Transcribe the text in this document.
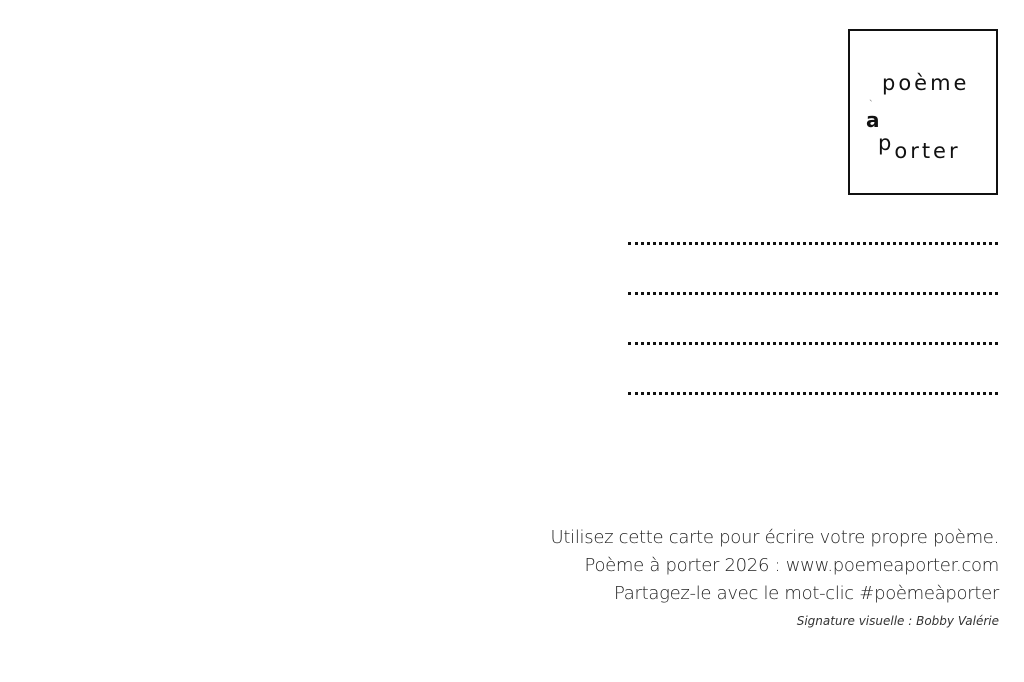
poème
`
a
porter
Utilisez cette carte pour écrire votre propre poème.
Poème à porter 2026 : www.poemeaporter.com
Partagez-le avec le mot-clic #poèmeàporter
Signature visuelle : Bobby Valérie
